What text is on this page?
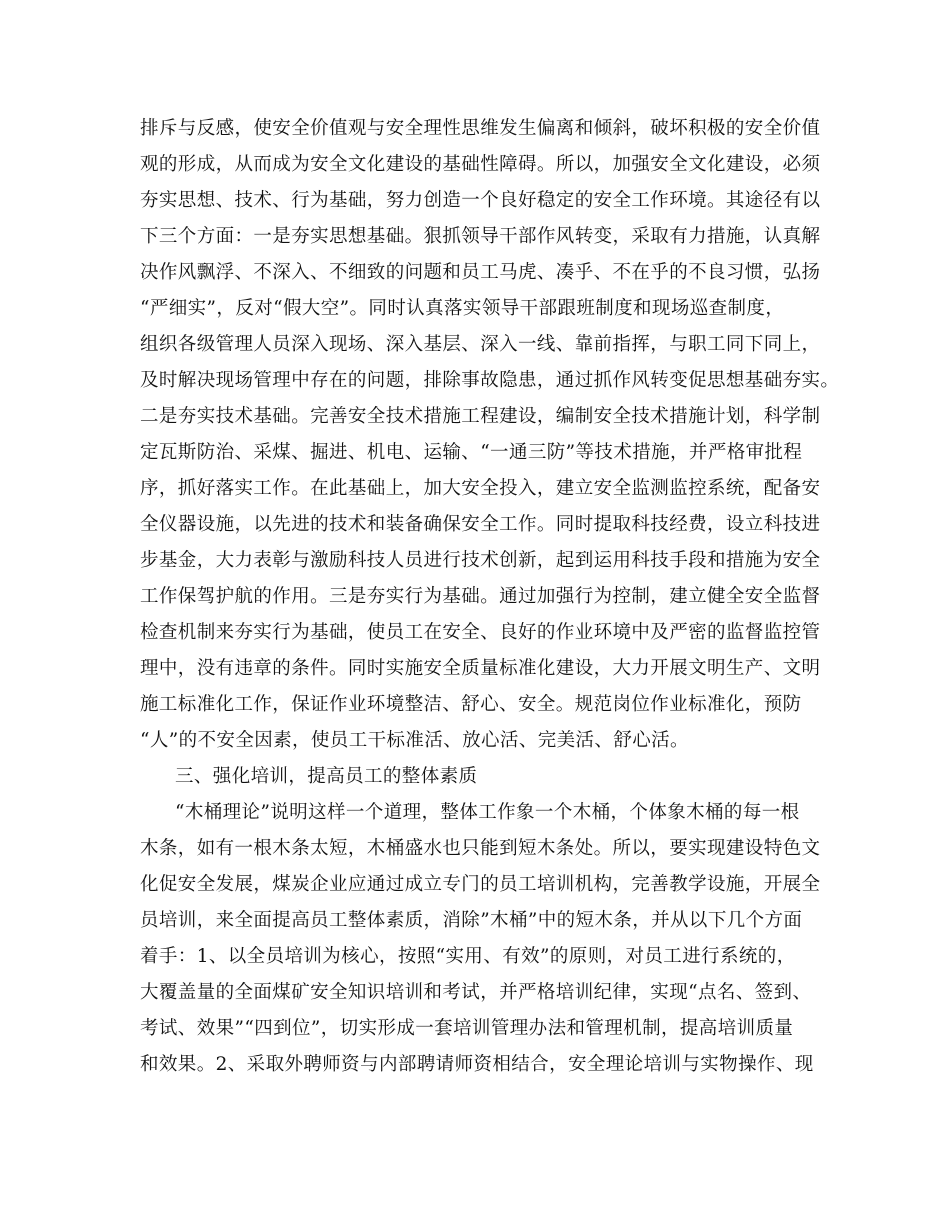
排斥与反感，使安全价值观与安全理性思维发生偏离和倾斜，破坏积极的安全价值
观的形成，从而成为安全文化建设的基础性障碍。所以，加强安全文化建设，必须
夯实思想、技术、行为基础，努力创造一个良好稳定的安全工作环境。其途径有以
下三个方面：一是夯实思想基础。狠抓领导干部作风转变，采取有力措施，认真解
决作风飘浮、不深入、不细致的问题和员工马虎、凑乎、不在乎的不良习惯，弘扬
“严细实”，反对“假大空”。同时认真落实领导干部跟班制度和现场巡查制度，
组织各级管理人员深入现场、深入基层、深入一线、靠前指挥，与职工同下同上，
及时解决现场管理中存在的问题，排除事故隐患，通过抓作风转变促思想基础夯实。
二是夯实技术基础。完善安全技术措施工程建设，编制安全技术措施计划，科学制
定瓦斯防治、采煤、掘进、机电、运输、“一通三防”等技术措施，并严格审批程
序，抓好落实工作。在此基础上，加大安全投入，建立安全监测监控系统，配备安
全仪器设施，以先进的技术和装备确保安全工作。同时提取科技经费，设立科技进
步基金，大力表彰与激励科技人员进行技术创新，起到运用科技手段和措施为安全
工作保驾护航的作用。三是夯实行为基础。通过加强行为控制，建立健全安全监督
检查机制来夯实行为基础，使员工在安全、良好的作业环境中及严密的监督监控管
理中，没有违章的条件。同时实施安全质量标准化建设，大力开展文明生产、文明
施工标准化工作，保证作业环境整洁、舒心、安全。规范岗位作业标准化，预防
“人”的不安全因素，使员工干标准活、放心活、完美活、舒心活。
三、强化培训，提高员工的整体素质
“木桶理论”说明这样一个道理，整体工作象一个木桶，个体象木桶的每一根
木条，如有一根木条太短，木桶盛水也只能到短木条处。所以，要实现建设特色文
化促安全发展，煤炭企业应通过成立专门的员工培训机构，完善教学设施，开展全
员培训，来全面提高员工整体素质，消除”木桶”中的短木条，并从以下几个方面
着手：1、以全员培训为核心，按照“实用、有效”的原则，对员工进行系统的，
大覆盖量的全面煤矿安全知识培训和考试，并严格培训纪律，实现“点名、签到、
考试、效果”“四到位”，切实形成一套培训管理办法和管理机制，提高培训质量
和效果。2、采取外聘师资与内部聘请师资相结合，安全理论培训与实物操作、现
